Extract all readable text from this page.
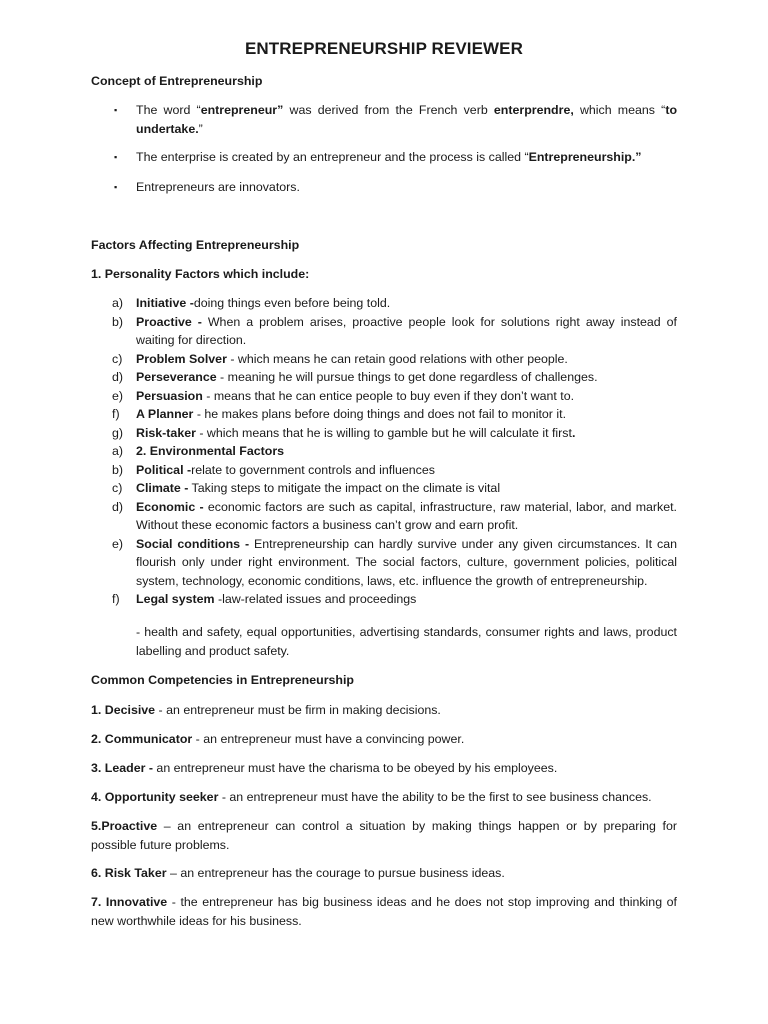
ENTREPRENEURSHIP REVIEWER
Concept of Entrepreneurship
▪ The word “entrepreneur” was derived from the French verb enterprendre, which means “to undertake.”
▪ The enterprise is created by an entrepreneur and the process is called “Entrepreneurship.”
▪ Entrepreneurs are innovators.
Factors Affecting Entrepreneurship
1. Personality Factors which include:
a) Initiative -doing things even before being told.
b) Proactive - When a problem arises, proactive people look for solutions right away instead of waiting for direction.
c) Problem Solver - which means he can retain good relations with other people.
d) Perseverance - meaning he will pursue things to get done regardless of challenges.
e) Persuasion - means that he can entice people to buy even if they don’t want to.
f) A Planner - he makes plans before doing things and does not fail to monitor it.
g) Risk-taker - which means that he is willing to gamble but he will calculate it first.
a) 2. Environmental Factors
b) Political -relate to government controls and influences
c) Climate - Taking steps to mitigate the impact on the climate is vital
d) Economic - economic factors are such as capital, infrastructure, raw material, labor, and market. Without these economic factors a business can’t grow and earn profit.
e) Social conditions - Entrepreneurship can hardly survive under any given circumstances. It can flourish only under right environment. The social factors, culture, government policies, political system, technology, economic conditions, laws, etc. influence the growth of entrepreneurship.
f) Legal system -law-related issues and proceedings
- health and safety, equal opportunities, advertising standards, consumer rights and laws, product labelling and product safety.
Common Competencies in Entrepreneurship
1. Decisive - an entrepreneur must be firm in making decisions.
2. Communicator - an entrepreneur must have a convincing power.
3. Leader - an entrepreneur must have the charisma to be obeyed by his employees.
4. Opportunity seeker - an entrepreneur must have the ability to be the first to see business chances.
5.Proactive – an entrepreneur can control a situation by making things happen or by preparing for possible future problems.
6. Risk Taker – an entrepreneur has the courage to pursue business ideas.
7. Innovative - the entrepreneur has big business ideas and he does not stop improving and thinking of new worthwhile ideas for his business.
